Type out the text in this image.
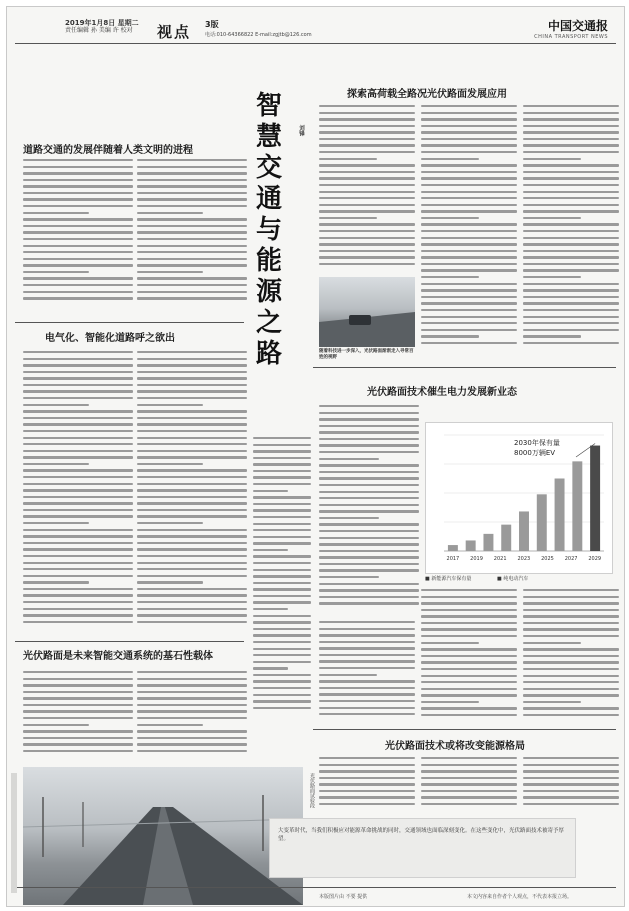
2019年1月8日 星期二
责任编辑 孙 美编 许 校对	视点 3版
电话:010-64366822 E-mail:zgjtb@126.com
中国交通报
CHINA TRANSPORT NEWS
道路交通的发展伴随着人类文明的进程
电气化、智能化道路呼之欲出
光伏路面是未来智能交通系统的基石性载体
光伏路面试验段
智
慧
交
通
与
能
源
之
路
刘锋
探索高荷载全路况光伏路面发展应用
随着科技进一步深入，光伏路面渐渐走入寻常百姓的视野
光伏路面技术催生电力发展新业态
2017 2019 2021 2023 2025 2027 2029
2030年保有量
8000万辆EV
■ 新能源汽车保有量	■ 纯电动汽车
光伏路面技术或将改变能源格局
大变革时代，当我们积极应对能源革命挑战的同时，交通领域也面临深刻变化。在这些变化中，光伏路面技术被寄予厚望。
本版图片由 不要 提供	本文内容来自作者个人观点，不代表本报立场。
